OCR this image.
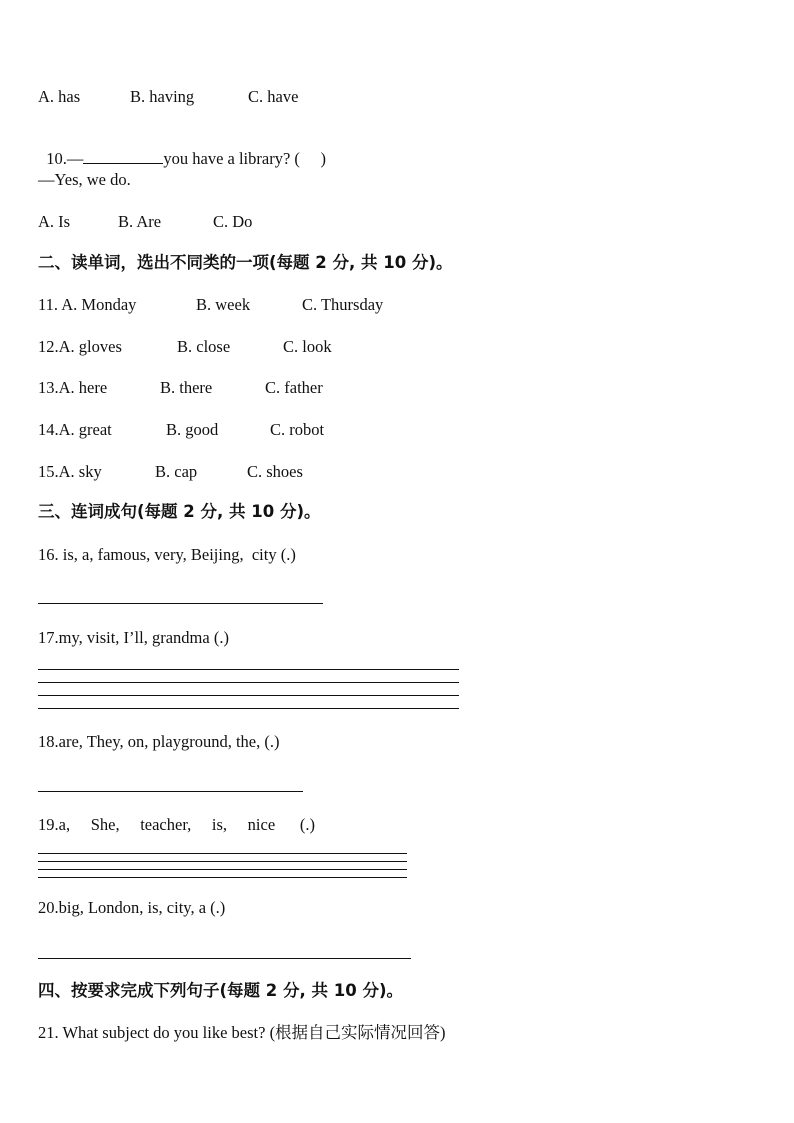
A. has	B. having	C. have

10.—	you have a library? (     )

—Yes, we do.
A. Is	B. Are	C. Do
二、读单词，选出不同类的一项(每题 2 分, 共 10 分)。
11. A. Monday	B. week	C. Thursday
12.A. gloves	B. close	C. look
13.A. here	B. there	C. father
14.A. great	B. good	C. robot
15.A. sky	B. cap	C. shoes
三、连词成句(每题 2 分, 共 10 分)。
16. is, a, famous, very, Beijing,  city (.)
17.my, visit, I’ll, grandma (.)
18.are, They, on, playground, the, (.)
19.a,     She,     teacher,     is,     nice      (.)
20.big, London, is, city, a (.)
四、按要求完成下列句子(每题 2 分, 共 10 分)。
21. What subject do you like best? (根据自己实际情况回答)
